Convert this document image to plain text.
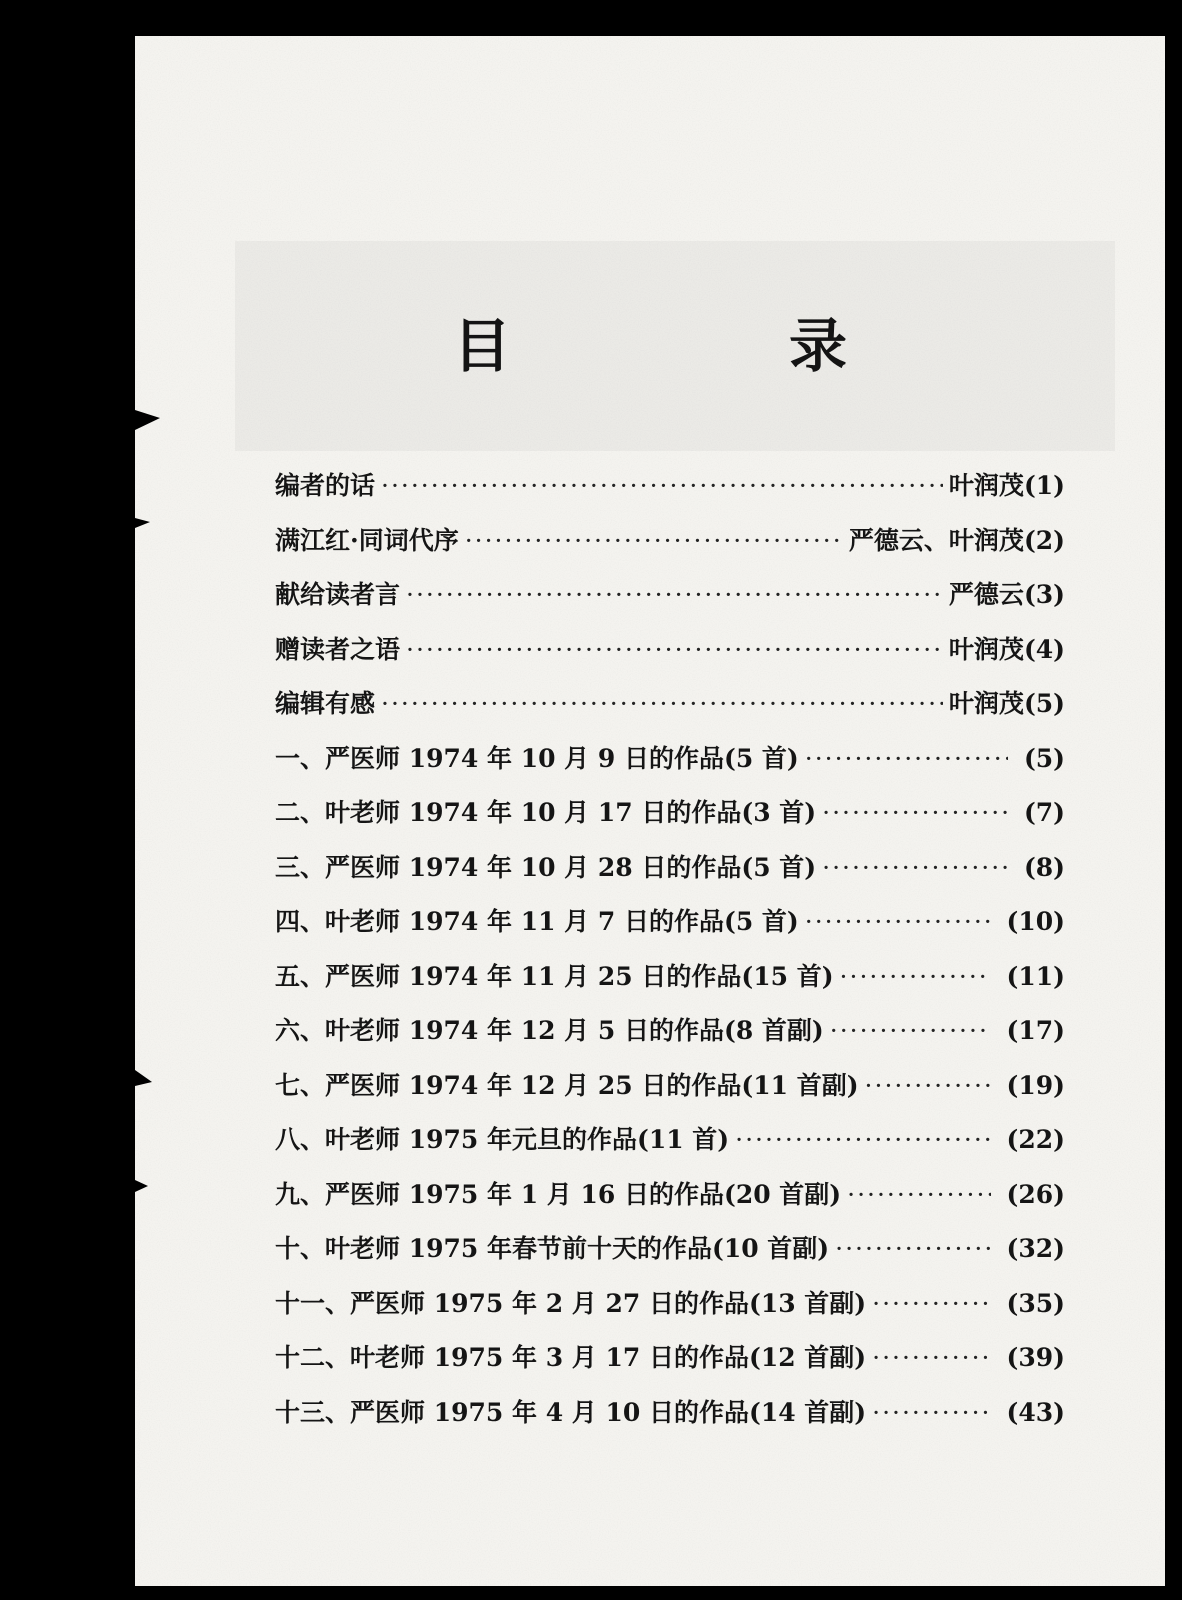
目　录
编者的话 ·····	叶润茂 (1)
满江红·同词代序 ·····	严德云、叶润茂 (2)
献给读者言 ·····	严德云 (3)
赠读者之语 ·····	叶润茂 (4)
编辑有感 ·····	叶润茂 (5)
一、严医师 1974 年 10 月 9 日的作品(5 首) ·····	(5)
二、叶老师 1974 年 10 月 17 日的作品(3 首) ·····	(7)
三、严医师 1974 年 10 月 28 日的作品(5 首) ·····	(8)
四、叶老师 1974 年 11 月 7 日的作品(5 首) ·····	(10)
五、严医师 1974 年 11 月 25 日的作品(15 首) ·····	(11)
六、叶老师 1974 年 12 月 5 日的作品(8 首副) ·····	(17)
七、严医师 1974 年 12 月 25 日的作品(11 首副) ·····	(19)
八、叶老师 1975 年元旦的作品(11 首) ·····	(22)
九、严医师 1975 年 1 月 16 日的作品(20 首副) ·····	(26)
十、叶老师 1975 年春节前十天的作品(10 首副) ·····	(32)
十一、严医师 1975 年 2 月 27 日的作品(13 首副) ·····	(35)
十二、叶老师 1975 年 3 月 17 日的作品(12 首副) ·····	(39)
十三、严医师 1975 年 4 月 10 日的作品(14 首副) ·····	(43)
